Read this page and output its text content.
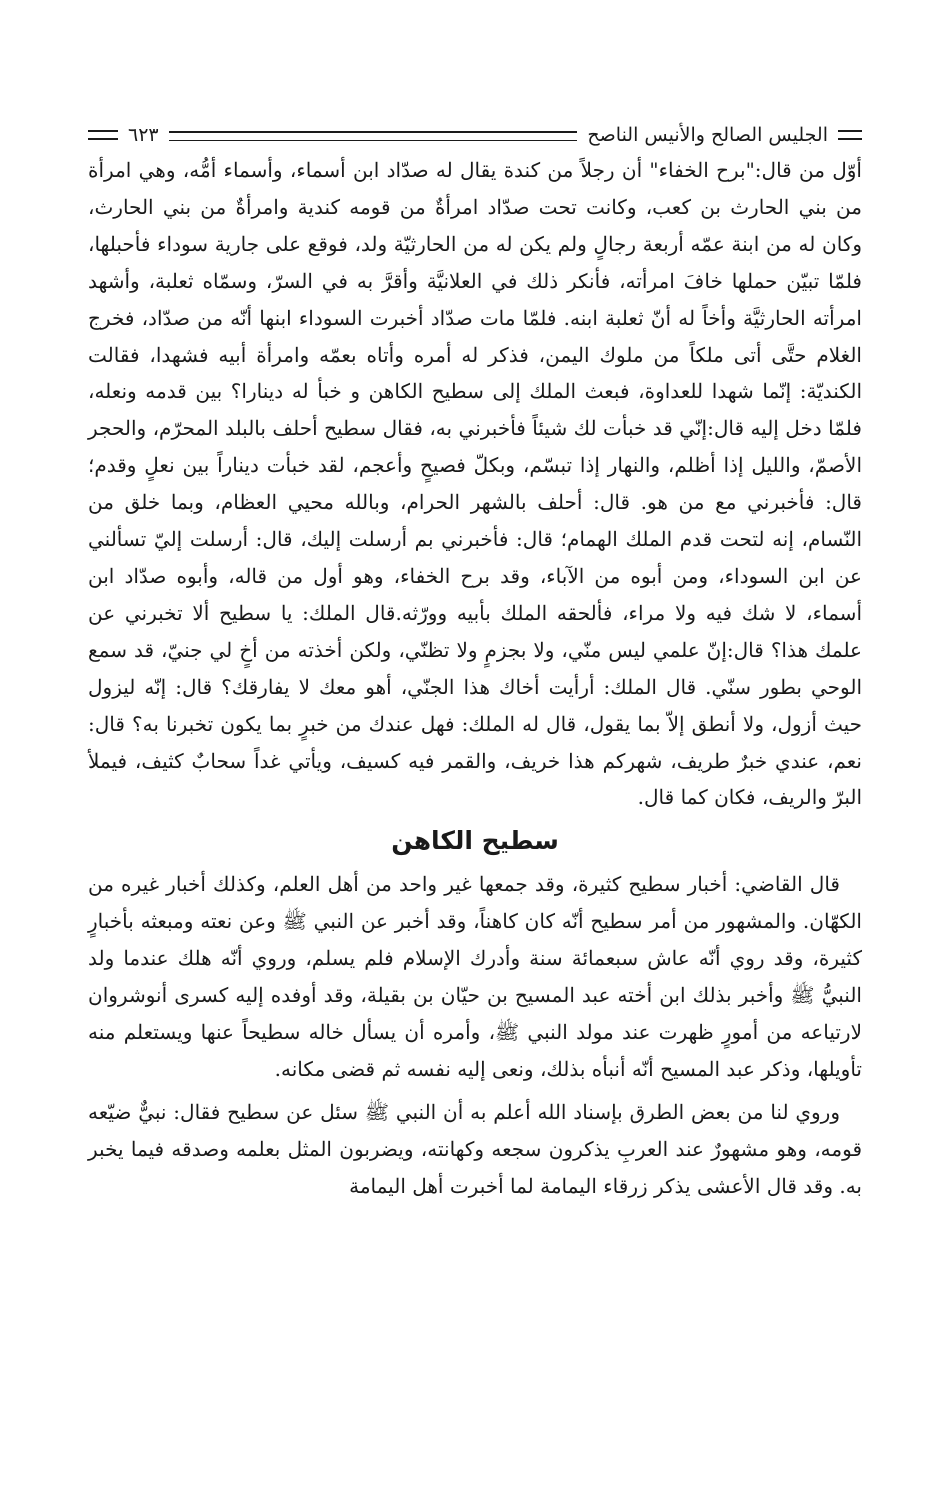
الجليس الصالح والأنيس الناصح
٦٢٣

أوّل من قال:"برح الخفاء" أن رجلاً من كندة يقال له صدّاد ابن أسماء، وأسماء أمُّه، وهي امرأة من بني الحارث بن كعب، وكانت تحت صدّاد امرأةٌ من قومه كندية وامرأةٌ من بني الحارث، وكان له من ابنة عمّه أربعة رجالٍ ولم يكن له من الحارثيّة ولد، فوقع على جارية سوداء فأحبلها، فلمّا تبيّن حملها خافَ امرأته، فأنكر ذلك في العلانيَّة وأقرَّ به في السرّ، وسمّاه ثعلبة، وأشهد امرأته الحارثيَّة وأخاً له أنّ ثعلبة ابنه. فلمّا مات صدّاد أخبرت السوداء ابنها أنّه من صدّاد، فخرج الغلام حتَّى أتى ملكاً من ملوك اليمن، فذكر له أمره وأتاه بعمّه وامرأة أبيه فشهدا، فقالت الكنديّة: إنّما شهدا للعداوة، فبعث الملك إلى سطيح الكاهن و خبأ له دينارا؟ بين قدمه ونعله، فلمّا دخل إليه قال:إنّي قد خبأت لك شيئاً فأخبرني به، فقال سطيح أحلف بالبلد المحرّم، والحجر الأصمّ، والليل إذا أظلم، والنهار إذا تبسّم، وبكلّ فصيحٍ وأعجم، لقد خبأت ديناراً بين نعلٍ وقدم؛ قال: فأخبرني مع من هو. قال: أحلف بالشهر الحرام، وبالله محيي العظام، وبما خلق من النّسام، إنه لتحت قدم الملك الهمام؛ قال: فأخبرني بم أرسلت إليك، قال: أرسلت إليّ تسألني عن ابن السوداء، ومن أبوه من الآباء، وقد برح الخفاء، وهو أول من قاله، وأبوه صدّاد ابن أسماء، لا شك فيه ولا مراء، فألحقه الملك بأبيه وورّثه.قال الملك: يا سطيح ألا تخبرني عن علمك هذا؟ قال:إنّ علمي ليس منّي، ولا بجزمٍ ولا تظنّي، ولكن أخذته من أخٍ لي جنيّ، قد سمع الوحي بطور سنّي. قال الملك: أرأيت أخاك هذا الجنّي، أهو معك لا يفارقك؟ قال: إنّه ليزول حيث أزول، ولا أنطق إلاّ بما يقول، قال له الملك: فهل عندك من خبرٍ بما يكون تخبرنا به؟ قال: نعم، عندي خبرٌ طريف، شهركم هذا خريف، والقمر فيه كسيف، ويأتي غداً سحابٌ كثيف، فيملأ البرّ والريف، فكان كما قال.

سطيح الكاهن

قال القاضي: أخبار سطيح كثيرة، وقد جمعها غير واحد من أهل العلم، وكذلك أخبار غيره من الكهّان. والمشهور من أمر سطيح أنّه كان كاهناً، وقد أخبر عن النبي ﷺ وعن نعته ومبعثه بأخبارٍ كثيرة، وقد روي أنّه عاش سبعمائة سنة وأدرك الإسلام فلم يسلم، وروي أنّه هلك عندما ولد النبيُّ ﷺ وأخبر بذلك ابن أخته عبد المسيح بن حيّان بن بقيلة، وقد أوفده إليه كسرى أنوشروان لارتياعه من أمورٍ ظهرت عند مولد النبي ﷺ، وأمره أن يسأل خاله سطيحاً عنها ويستعلم منه تأويلها، وذكر عبد المسيح أنّه أنبأه بذلك، ونعى إليه نفسه ثم قضى مكانه.

وروي لنا من بعض الطرق بإسناد الله أعلم به أن النبي ﷺ سئل عن سطيح فقال: نبيٌّ ضيّعه قومه، وهو مشهورٌ عند العربِ يذكرون سجعه وكهانته، ويضربون المثل بعلمه وصدقه فيما يخبر به. وقد قال الأعشى يذكر زرقاء اليمامة لما أخبرت أهل اليمامة
